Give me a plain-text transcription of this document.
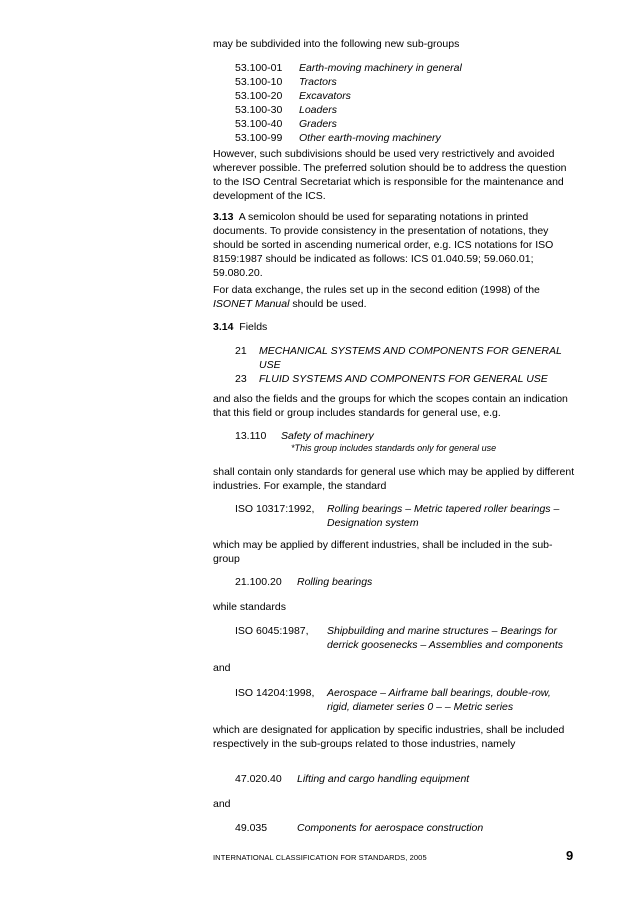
may be subdivided into the following new sub-groups

53.100-01	Earth-moving machinery in general
53.100-10	Tractors
53.100-20	Excavators
53.100-30	Loaders
53.100-40	Graders
53.100-99	Other earth-moving machinery

However, such subdivisions should be used very restrictively and avoided wherever possible. The preferred solution should be to address the question to the ISO Central Secretariat which is responsible for the maintenance and development of the ICS.

3.13 A semicolon should be used for separating notations in printed documents. To provide consistency in the presentation of notations, they should be sorted in ascending numerical order, e.g. ICS notations for ISO 8159:1987 should be indicated as follows: ICS 01.040.59; 59.060.01; 59.080.20.

For data exchange, the rules set up in the second edition (1998) of the ISONET Manual should be used.

3.14 Fields

21	MECHANICAL SYSTEMS AND COMPONENTS FOR GENERAL USE
23	FLUID SYSTEMS AND COMPONENTS FOR GENERAL USE

and also the fields and the groups for which the scopes contain an indication that this field or group includes standards for general use, e.g.

13.110	Safety of machinery
*This group includes standards only for general use

shall contain only standards for general use which may be applied by different industries. For example, the standard

ISO 10317:1992,	Rolling bearings – Metric tapered roller bearings – Designation system

which may be applied by different industries, shall be included in the sub-group

21.100.20	Rolling bearings

while standards

ISO 6045:1987,	Shipbuilding and marine structures – Bearings for derrick goosenecks – Assemblies and components

and

ISO 14204:1998,	Aerospace – Airframe ball bearings, double-row, rigid, diameter series 0 – – Metric series

which are designated for application by specific industries, shall be included respectively in the sub-groups related to those industries, namely

47.020.40	Lifting and cargo handling equipment

and

49.035	Components for aerospace construction
INTERNATIONAL CLASSIFICATION FOR STANDARDS, 2005	9
